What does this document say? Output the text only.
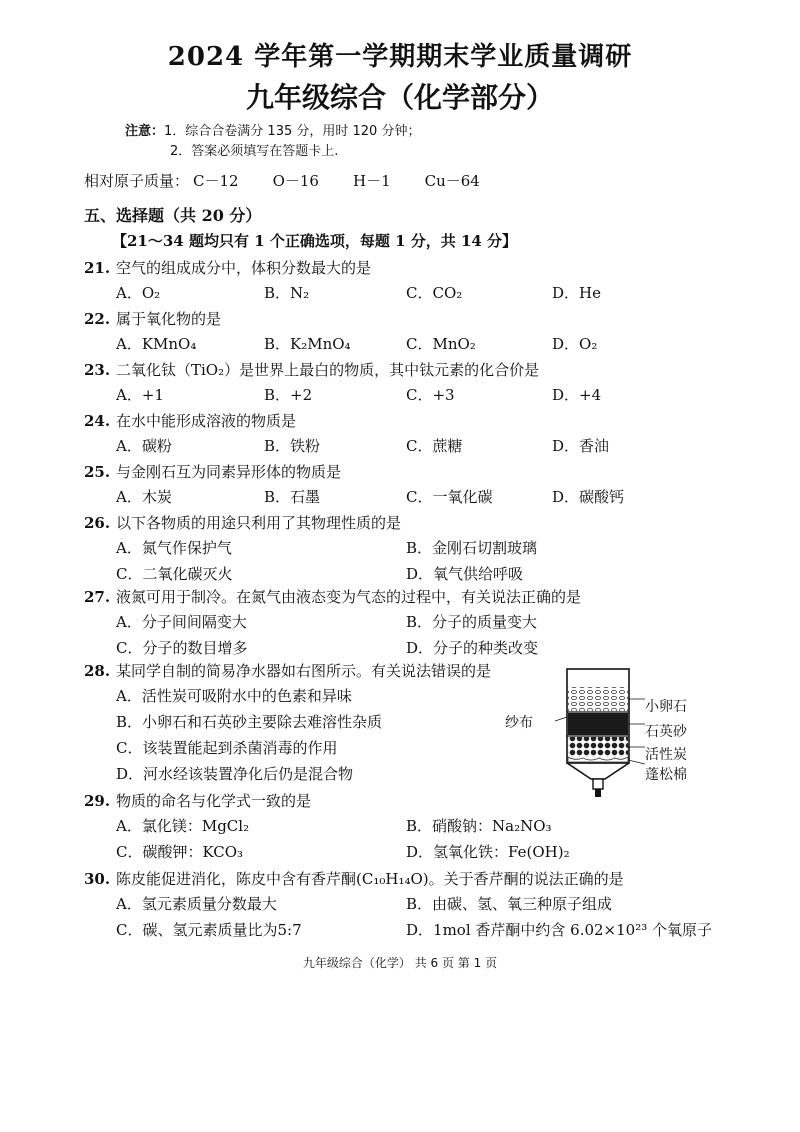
2024 学年第一学期期末学业质量调研
九年级综合（化学部分）
注意：1．综合合卷满分 135 分，用时 120 分钟；
2．答案必须填写在答题卡上.
相对原子质量： C－12 O－16 H－1 Cu－64
五、选择题（共 20 分）
【21～34 题均只有 1 个正确选项，每题 1 分，共 14 分】
21. 空气的组成成分中，体积分数最大的是
A．O₂	B．N₂	C．CO₂	D．He
22. 属于氧化物的是
A．KMnO₄	B．K₂MnO₄	C．MnO₂	D．O₂
23. 二氧化钛（TiO₂）是世界上最白的物质，其中钛元素的化合价是
A．+1	B．+2	C．+3	D．+4
24. 在水中能形成溶液的物质是
A．碳粉	B．铁粉	C．蔗糖	D．香油
25. 与金刚石互为同素异形体的物质是
A．木炭	B．石墨	C．一氧化碳	D．碳酸钙
26. 以下各物质的用途只利用了其物理性质的是
A．氮气作保护气	B．金刚石切割玻璃
C．二氧化碳灭火	D．氧气供给呼吸
27. 液氮可用于制冷。在氮气由液态变为气态的过程中，有关说法正确的是
A．分子间间隔变大	B．分子的质量变大
C．分子的数目增多	D．分子的种类改变
28. 某同学自制的简易净水器如右图所示。有关说法错误的是
A．活性炭可吸附水中的色素和异味
B．小卵石和石英砂主要除去难溶性杂质
C．该装置能起到杀菌消毒的作用
D．河水经该装置净化后仍是混合物
小卵石
纱布
石英砂
活性炭
蓬松棉
29. 物质的命名与化学式一致的是
A．氯化镁：MgCl₂	B．硝酸钠：Na₂NO₃
C．碳酸钾：KCO₃	D．氢氧化铁：Fe(OH)₂
30. 陈皮能促进消化，陈皮中含有香芹酮(C₁₀H₁₄O)。关于香芹酮的说法正确的是
A．氢元素质量分数最大	B．由碳、氢、氧三种原子组成
C．碳、氢元素质量比为5:7	D．1mol 香芹酮中约含 6.02×10²³ 个氧原子
九年级综合（化学） 共 6 页 第 1 页
